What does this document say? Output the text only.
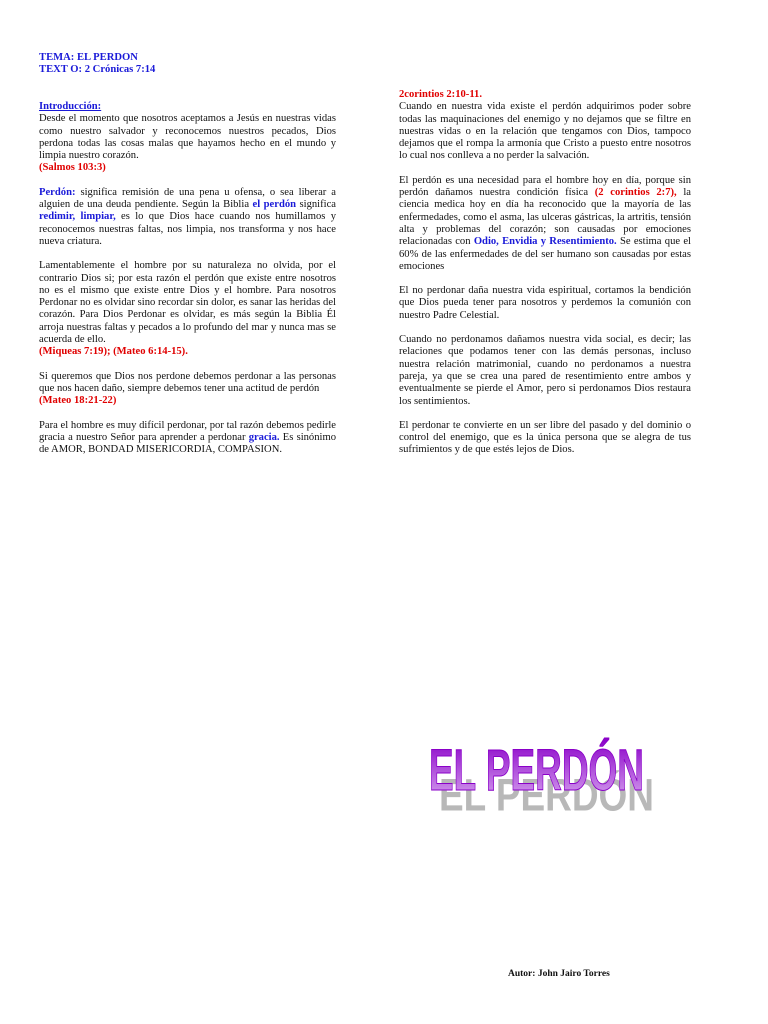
TEMA: EL PERDON

TEXT O: 2 Crónicas 7:14

Introducción:

Desde el momento que nosotros aceptamos a Jesús en nuestras vidas como nuestro salvador y reconocemos nuestros pecados, Dios perdona todas las cosas malas que hayamos hecho en el mundo y limpia nuestro corazón.

(Salmos 103:3)

Perdón: significa remisión de una pena u ofensa, o sea liberar a alguien de una deuda pendiente. Según la Biblia el perdón significa redimir, limpiar, es lo que Dios hace cuando nos humillamos y reconocemos nuestras faltas, nos limpia, nos transforma y nos hace nueva criatura.

Lamentablemente el hombre por su naturaleza no olvida, por el contrario Dios si; por esta razón el perdón que existe entre nosotros no es el mismo que existe entre Dios y el hombre. Para nosotros Perdonar no es olvidar sino recordar sin dolor, es sanar las heridas del corazón. Para Dios Perdonar es olvidar, es más según la Biblia Él arroja nuestras faltas y pecados a lo profundo del mar y nunca mas se acuerda de ello.

(Miqueas 7:19); (Mateo 6:14-15).

Si queremos que Dios nos perdone debemos perdonar a las personas que nos hacen daño, siempre debemos tener una actitud de perdón

(Mateo 18:21-22)

Para el hombre es muy difícil perdonar, por tal razón debemos pedirle gracia a nuestro Señor para aprender a perdonar gracia. Es sinónimo de AMOR, BONDAD MISERICORDIA, COMPASION.

2corintios 2:10-11.

Cuando en nuestra vida existe el perdón adquirimos poder sobre todas las maquinaciones del enemigo y no dejamos que se filtre en nuestras vidas o en la relación que tengamos con Dios, tampoco dejamos que el rompa la armonía que Cristo a puesto entre nosotros lo cual nos conlleva a no perder la salvación.

El perdón es una necesidad para el hombre hoy en día, porque sin perdón dañamos nuestra condición física (2 corintios 2:7), la ciencia medica hoy en día ha reconocido que la mayoría de las enfermedades, como el asma, las ulceras gástricas, la artritis, tensión alta y problemas del corazón; son causadas por emociones relacionadas con Odio, Envidia y Resentimiento. Se estima que el 60% de las enfermedades de del ser humano son causadas por estas emociones

El no perdonar daña nuestra vida espiritual, cortamos la bendición que Dios pueda tener para nosotros y perdemos la comunión con nuestro Padre Celestial.

Cuando no perdonamos dañamos nuestra vida social, es decir; las relaciones que podamos tener con las demás personas, incluso nuestra relación matrimonial, cuando no perdonamos a nuestra pareja, ya que se crea una pared de resentimiento entre ambos y eventualmente se pierde el Amor, pero si perdonamos Dios restaura los sentimientos.

El perdonar te convierte en un ser libre del pasado y del dominio o control del enemigo, que es la única persona que se alegra de tus sufrimientos y de que estés lejos de Dios.

EL PERDÓN
EL PERDÓN
Autor: John Jairo Torres
